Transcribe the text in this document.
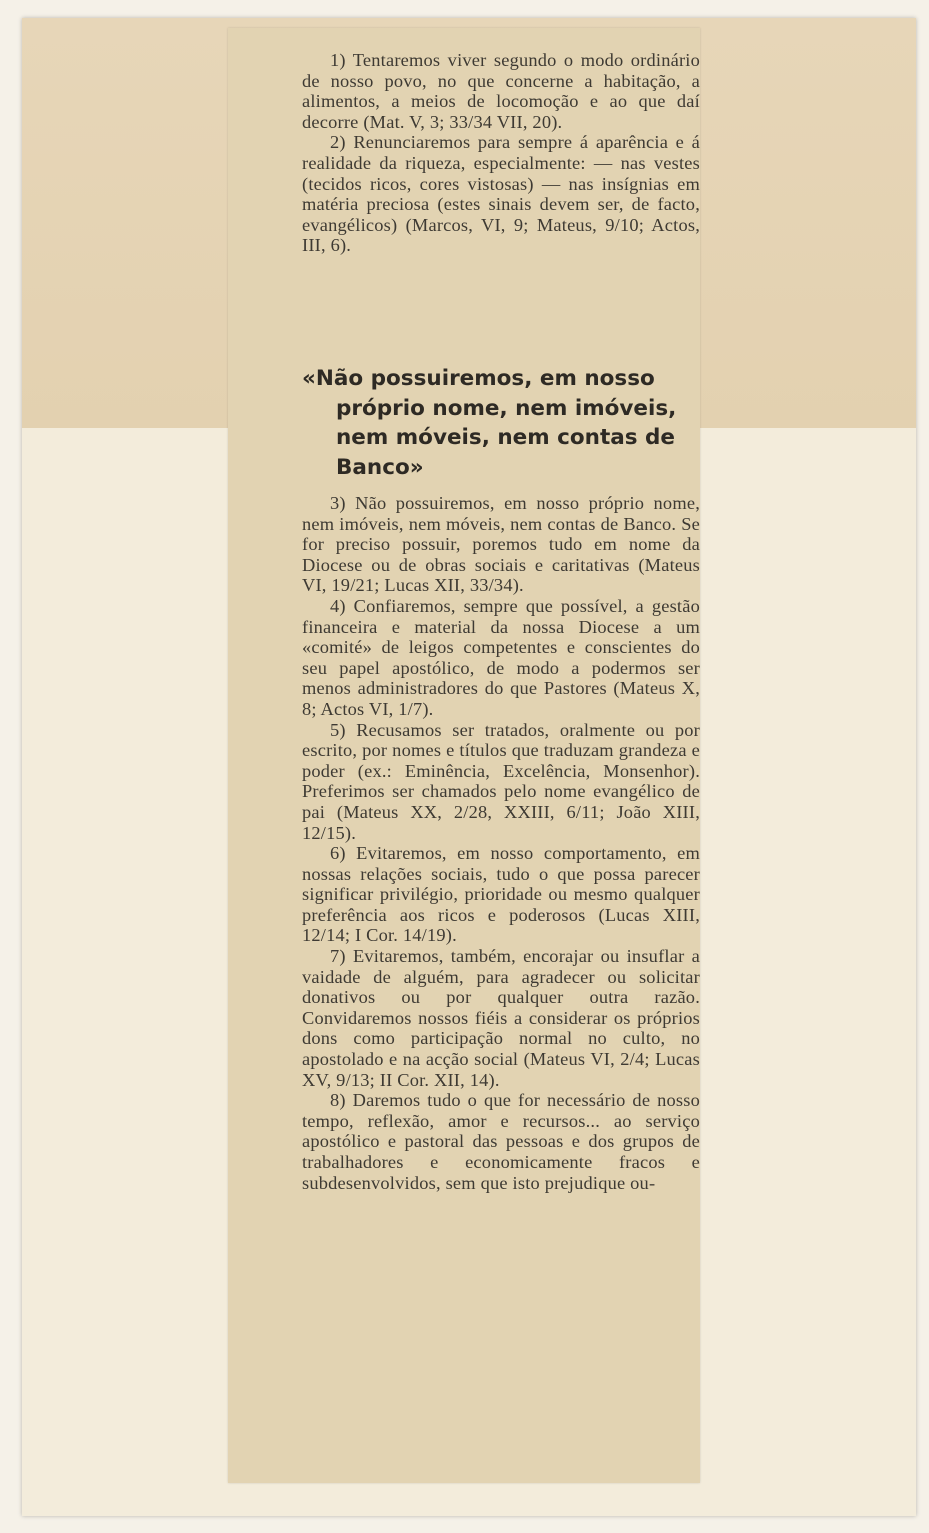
1) Tentaremos viver segundo o modo ordinário de nosso povo, no que concerne a habitação, a alimentos, a meios de locomoção e ao que daí decorre (Mat. V, 3; 33/34 VII, 20).

2) Renunciaremos para sempre á aparência e á realidade da riqueza, especialmente: — nas vestes (tecidos ricos, cores vistosas) — nas insígnias em matéria preciosa (estes sinais devem ser, de facto, evangélicos) (Marcos, VI, 9; Mateus, 9/10; Actos, III, 6).

«Não possuiremos, em nosso
próprio nome, nem imóveis, nem móveis, nem contas de Banco»

3) Não possuiremos, em nosso próprio nome, nem imóveis, nem móveis, nem contas de Banco. Se for preciso possuir, poremos tudo em nome da Diocese ou de obras sociais e caritativas (Mateus VI, 19/21; Lucas XII, 33/34).

4) Confiaremos, sempre que possível, a gestão financeira e material da nossa Diocese a um «comité» de leigos competentes e conscientes do seu papel apostólico, de modo a podermos ser menos administradores do que Pastores (Mateus X, 8; Actos VI, 1/7).

5) Recusamos ser tratados, oralmente ou por escrito, por nomes e títulos que traduzam grandeza e poder (ex.: Eminência, Excelência, Monsenhor). Preferimos ser chamados pelo nome evangélico de pai (Mateus XX, 2/28, XXIII, 6/11; João XIII, 12/15).

6) Evitaremos, em nosso comportamento, em nossas relações sociais, tudo o que possa parecer significar privilégio, prioridade ou mesmo qualquer preferência aos ricos e poderosos (Lucas XIII, 12/14; I Cor. 14/19).

7) Evitaremos, também, encorajar ou insuflar a vaidade de alguém, para agradecer ou solicitar donativos ou por qualquer outra razão. Convidaremos nossos fiéis a considerar os próprios dons como participação normal no culto, no apostolado e na acção social (Mateus VI, 2/4; Lucas XV, 9/13; II Cor. XII, 14).

8) Daremos tudo o que for necessário de nosso tempo, reflexão, amor e recursos... ao serviço apostólico e pastoral das pessoas e dos grupos de trabalhadores e economicamente fracos e subdesenvolvidos, sem que isto prejudique ou-
